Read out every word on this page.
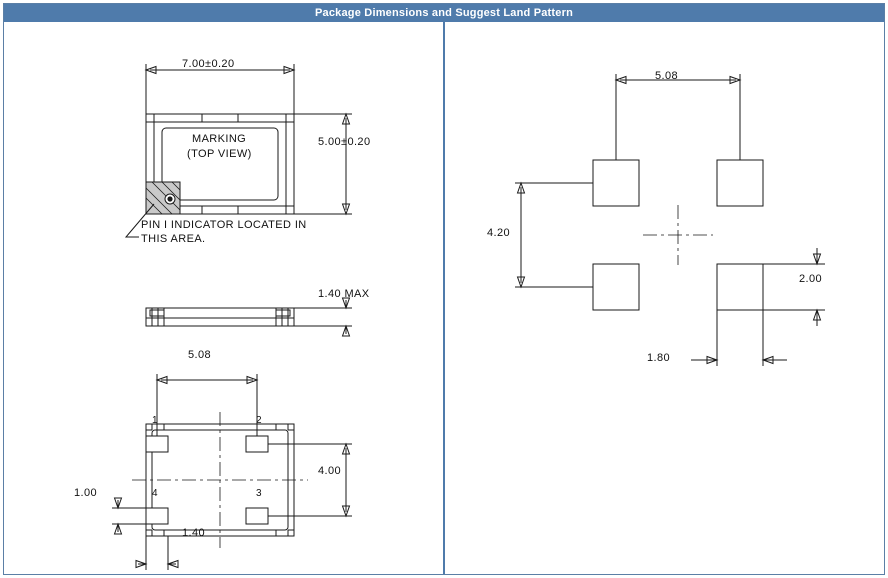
Package Dimensions and Suggest Land Pattern
7.00±0.20
5.00±0.20
MARKING
(TOP VIEW)
PIN I INDICATOR LOCATED IN
THIS AREA.
1.40 MAX
5.08
4.00
1.00
1.40
1	2
3
4
5.08
4.20
2.00
1.80
